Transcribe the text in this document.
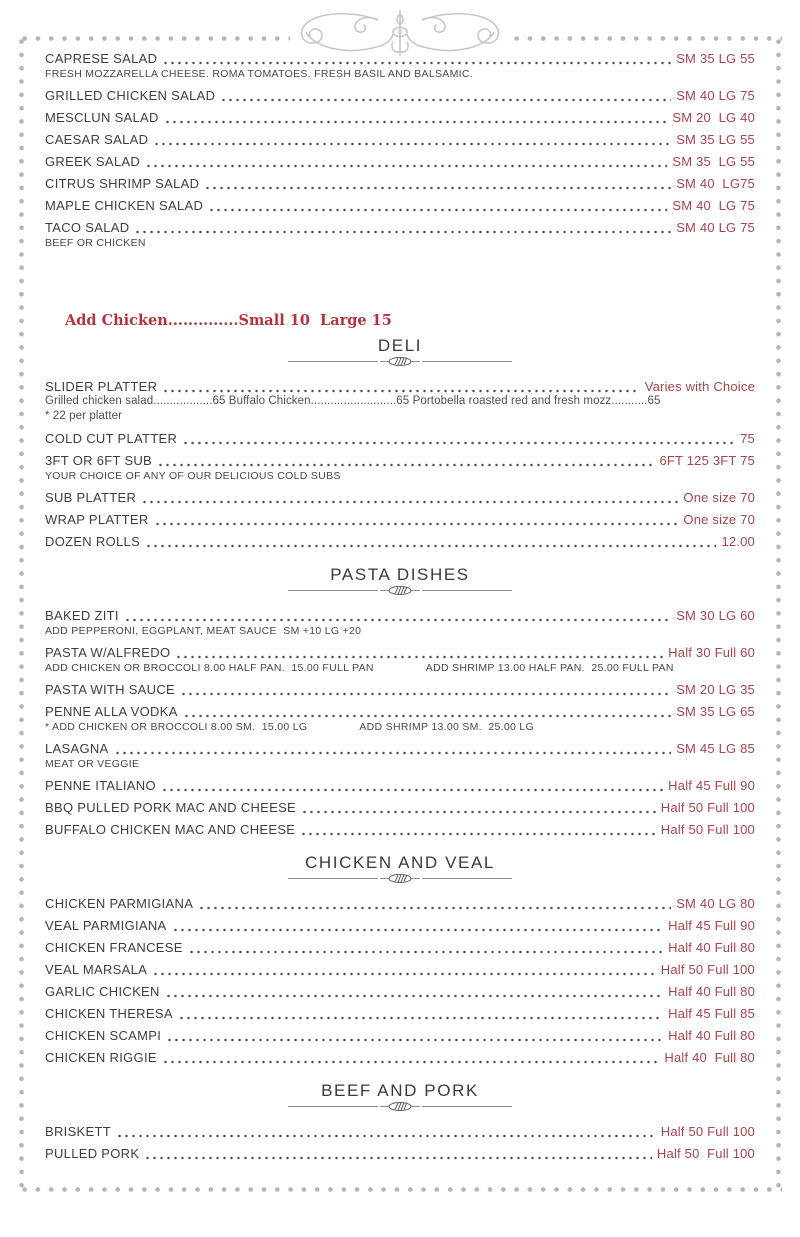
CAPRESE SALAD	SM 35 LG 55
FRESH MOZZARELLA CHEESE. ROMA TOMATOES. FRESH BASIL AND BALSAMIC.
GRILLED CHICKEN SALAD	SM 40 LG 75
MESCLUN SALAD	SM 20  LG 40
CAESAR SALAD	SM 35 LG 55
GREEK SALAD	SM 35  LG 55
CITRUS SHRIMP SALAD	SM 40  LG75
MAPLE CHICKEN SALAD	SM 40  LG 75
TACO SALAD	SM 40 LG 75
BEEF OR CHICKEN
Add Chicken..............Small 10  Large 15
DELI
SLIDER PLATTER	Varies with Choice
Grilled chicken salad..................65 Buffalo Chicken..........................65 Portobella roasted red and fresh mozz...........65
* 22 per platter
COLD CUT PLATTER	75
3FT OR 6FT SUB	6FT 125 3FT 75
YOUR CHOICE OF ANY OF OUR DELICIOUS COLD SUBS
SUB PLATTER	One size 70
WRAP PLATTER	One size 70
DOZEN ROLLS	12.00
PASTA DISHES
BAKED ZITI	SM 30 LG 60
ADD PEPPERONI, EGGPLANT, MEAT SAUCE  SM +10 LG +20
PASTA W/ALFREDO	Half 30 Full 60
ADD CHICKEN OR BROCCOLI 8.00 HALF PAN.  15.00 FULL PAN	ADD SHRIMP 13.00 HALF PAN.  25.00 FULL PAN
PASTA WITH SAUCE	SM 20 LG 35
PENNE ALLA VODKA	SM 35 LG 65
* ADD CHICKEN OR BROCCOLI 8.00 SM.  15.00 LG	ADD SHRIMP 13.00 SM.  25.00 LG
LASAGNA	SM 45 LG 85
MEAT OR VEGGIE
PENNE ITALIANO	Half 45 Full 90
BBQ PULLED PORK MAC AND CHEESE	Half 50 Full 100
BUFFALO CHICKEN MAC AND CHEESE	Half 50 Full 100
CHICKEN AND VEAL
CHICKEN PARMIGIANA	SM 40 LG 80
VEAL PARMIGIANA	Half 45 Full 90
CHICKEN FRANCESE	Half 40 Full 80
VEAL MARSALA	Half 50 Full 100
GARLIC CHICKEN	Half 40 Full 80
CHICKEN THERESA	Half 45 Full 85
CHICKEN SCAMPI	Half 40 Full 80
CHICKEN RIGGIE	Half 40  Full 80
BEEF AND PORK
BRISKETT	Half 50 Full 100
PULLED PORK	Half 50  Full 100
